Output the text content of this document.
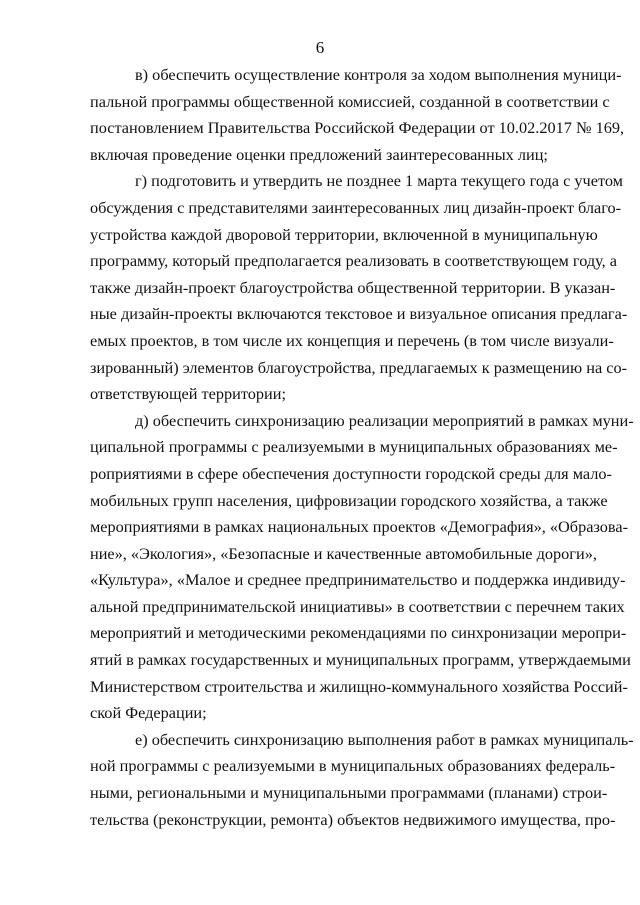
6
в) обеспечить осуществление контроля за ходом выполнения муници-
пальной программы общественной комиссией, созданной в соответствии с
постановлением Правительства Российской Федерации от 10.02.2017 № 169,
включая проведение оценки предложений заинтересованных лиц;
г) подготовить и утвердить не позднее 1 марта текущего года с учетом
обсуждения с представителями заинтересованных лиц дизайн-проект благо-
устройства каждой дворовой территории, включенной в муниципальную
программу, который предполагается реализовать в соответствующем году, а
также дизайн-проект благоустройства общественной территории. В указан-
ные дизайн-проекты включаются текстовое и визуальное описания предлага-
емых проектов, в том числе их концепция и перечень (в том числе визуали-
зированный) элементов благоустройства, предлагаемых к размещению на со-
ответствующей территории;
д) обеспечить синхронизацию реализации мероприятий в рамках муни-
ципальной программы с реализуемыми в муниципальных образованиях ме-
роприятиями в сфере обеспечения доступности городской среды для мало-
мобильных групп населения, цифровизации городского хозяйства, а также
мероприятиями в рамках национальных проектов «Демография», «Образова-
ние», «Экология», «Безопасные и качественные автомобильные дороги»,
«Культура», «Малое и среднее предпринимательство и поддержка индивиду-
альной предпринимательской инициативы» в соответствии с перечнем таких
мероприятий и методическими рекомендациями по синхронизации меропри-
ятий в рамках государственных и муниципальных программ, утверждаемыми
Министерством строительства и жилищно-коммунального хозяйства Россий-
ской Федерации;
е) обеспечить синхронизацию выполнения работ в рамках муниципаль-
ной программы с реализуемыми в муниципальных образованиях федераль-
ными, региональными и муниципальными программами (планами) строи-
тельства (реконструкции, ремонта) объектов недвижимого имущества, про-
